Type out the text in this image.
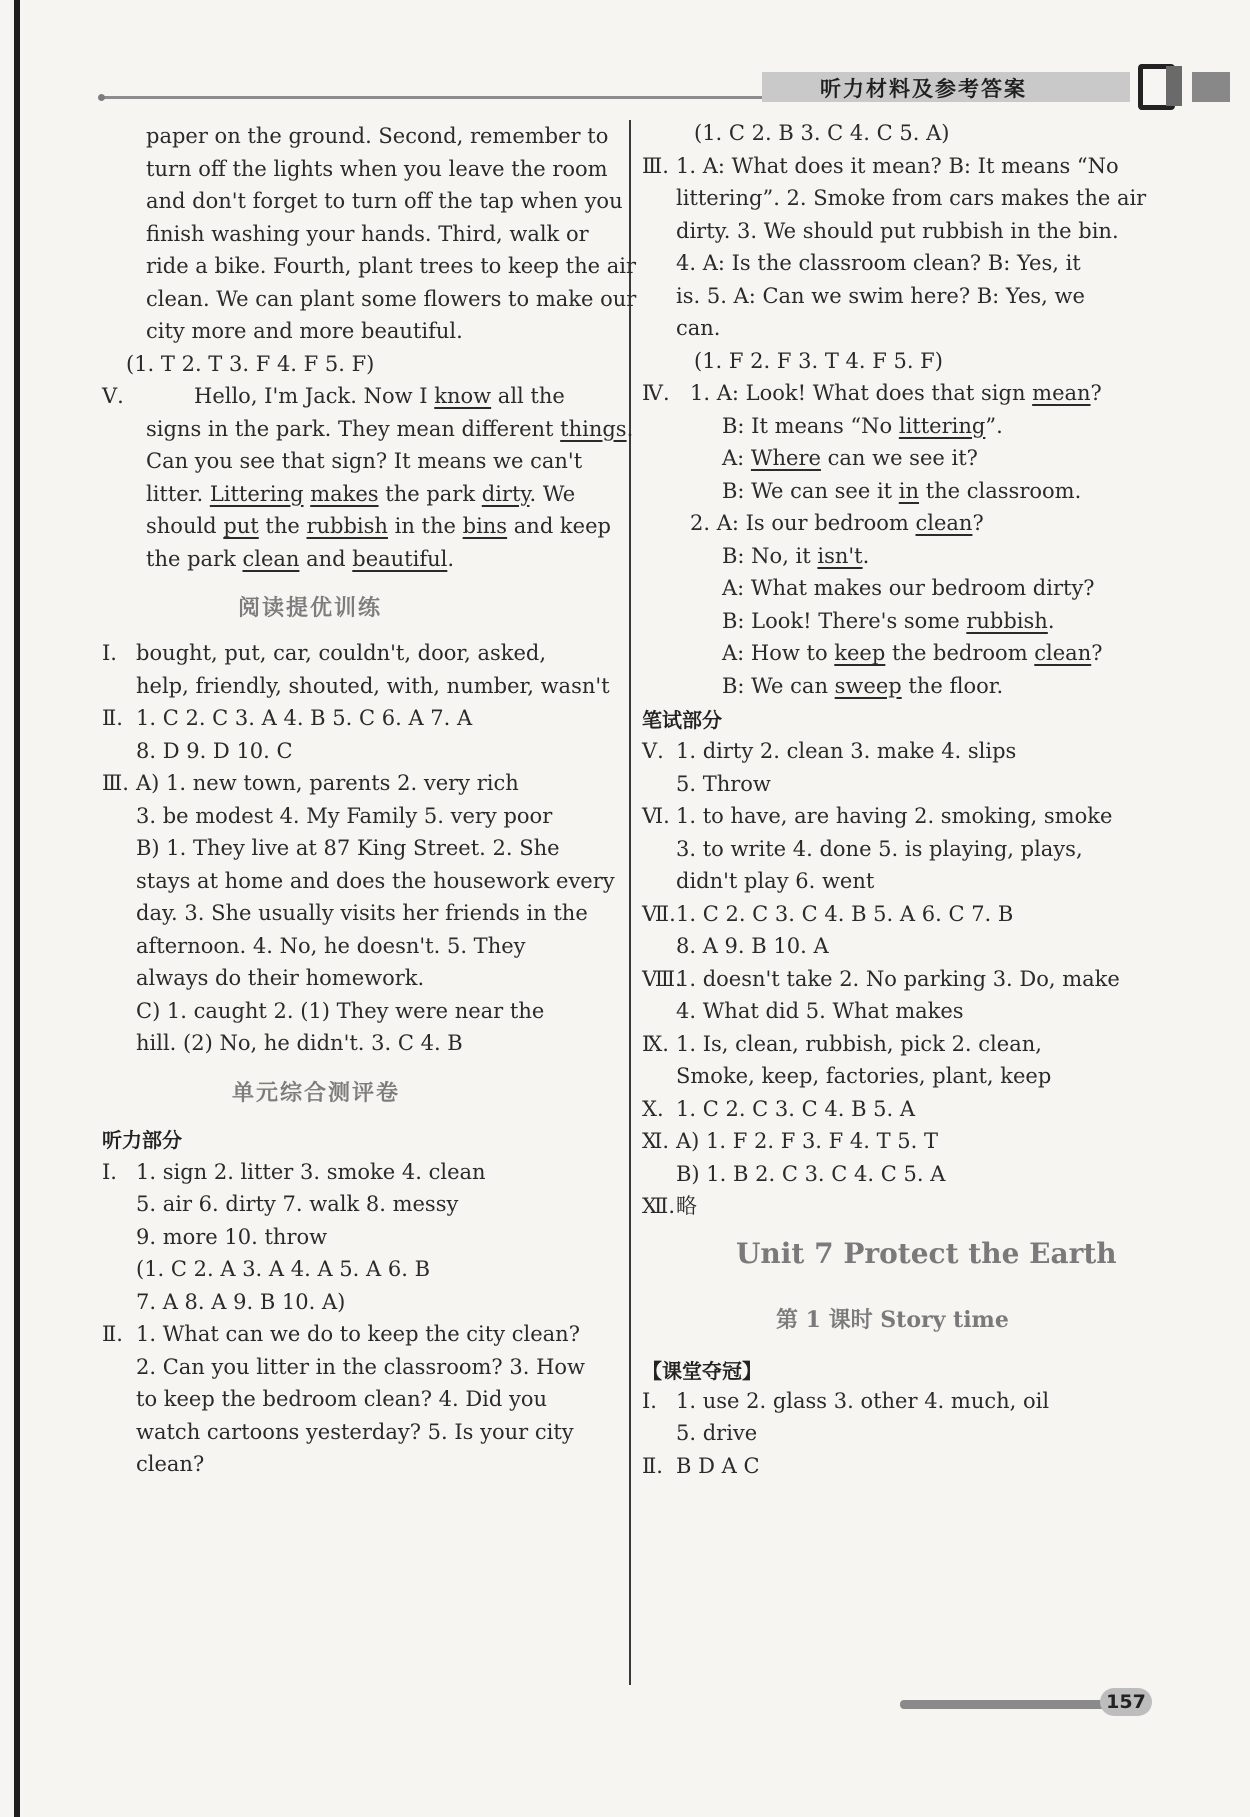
听力材料及参考答案
paper on the ground. Second, remember to
turn off the lights when you leave the room
and don't forget to turn off the tap when you
finish washing your hands. Third, walk or
ride a bike. Fourth, plant trees to keep the air
clean. We can plant some flowers to make our
city more and more beautiful.
(1. T 2. T 3. F 4. F 5. F)
Ⅴ.	Hello, I'm Jack. Now I know all the
signs in the park. They mean different things.
Can you see that sign? It means we can't
litter. Littering makes the park dirty. We
should put the rubbish in the bins and keep
the park clean and beautiful.
阅读提优训练
Ⅰ. bought, put, car, couldn't, door, asked,
help, friendly, shouted, with, number, wasn't
Ⅱ. 1. C 2. C 3. A 4. B 5. C 6. A 7. A
8. D 9. D 10. C
Ⅲ. A) 1. new town, parents 2. very rich
3. be modest 4. My Family 5. very poor
B) 1. They live at 87 King Street. 2. She
stays at home and does the housework every
day. 3. She usually visits her friends in the
afternoon. 4. No, he doesn't. 5. They
always do their homework.
C) 1. caught 2. (1) They were near the
hill. (2) No, he didn't. 3. C 4. B
单元综合测评卷
听力部分
Ⅰ. 1. sign 2. litter 3. smoke 4. clean
5. air 6. dirty 7. walk 8. messy
9. more 10. throw
(1. C 2. A 3. A 4. A 5. A 6. B
7. A 8. A 9. B 10. A)
Ⅱ. 1. What can we do to keep the city clean?
2. Can you litter in the classroom? 3. How
to keep the bedroom clean? 4. Did you
watch cartoons yesterday? 5. Is your city
clean?
(1. C 2. B 3. C 4. C 5. A)
Ⅲ. 1. A: What does it mean? B: It means “No
littering”. 2. Smoke from cars makes the air
dirty. 3. We should put rubbish in the bin.
4. A: Is the classroom clean? B: Yes, it
is. 5. A: Can we swim here? B: Yes, we
can.
(1. F 2. F 3. T 4. F 5. F)
Ⅳ. 1. A: Look! What does that sign mean?
B: It means “No littering”.
A: Where can we see it?
B: We can see it in the classroom.
2. A: Is our bedroom clean?
B: No, it isn't.
A: What makes our bedroom dirty?
B: Look! There's some rubbish.
A: How to keep the bedroom clean?
B: We can sweep the floor.
笔试部分
Ⅴ. 1. dirty 2. clean 3. make 4. slips
5. Throw
Ⅵ. 1. to have, are having 2. smoking, smoke
3. to write 4. done 5. is playing, plays,
didn't play 6. went
Ⅶ.1. C 2. C 3. C 4. B 5. A 6. C 7. B
8. A 9. B 10. A
Ⅷ.1. doesn't take 2. No parking 3. Do, make
4. What did 5. What makes
Ⅸ. 1. Is, clean, rubbish, pick 2. clean,
Smoke, keep, factories, plant, keep
Ⅹ. 1. C 2. C 3. C 4. B 5. A
Ⅺ. A) 1. F 2. F 3. F 4. T 5. T
B) 1. B 2. C 3. C 4. C 5. A
Ⅻ.略
Unit 7 Protect the Earth
第 1 课时 Story time
【课堂夺冠】
Ⅰ. 1. use 2. glass 3. other 4. much, oil
5. drive
Ⅱ. B D A C
157
